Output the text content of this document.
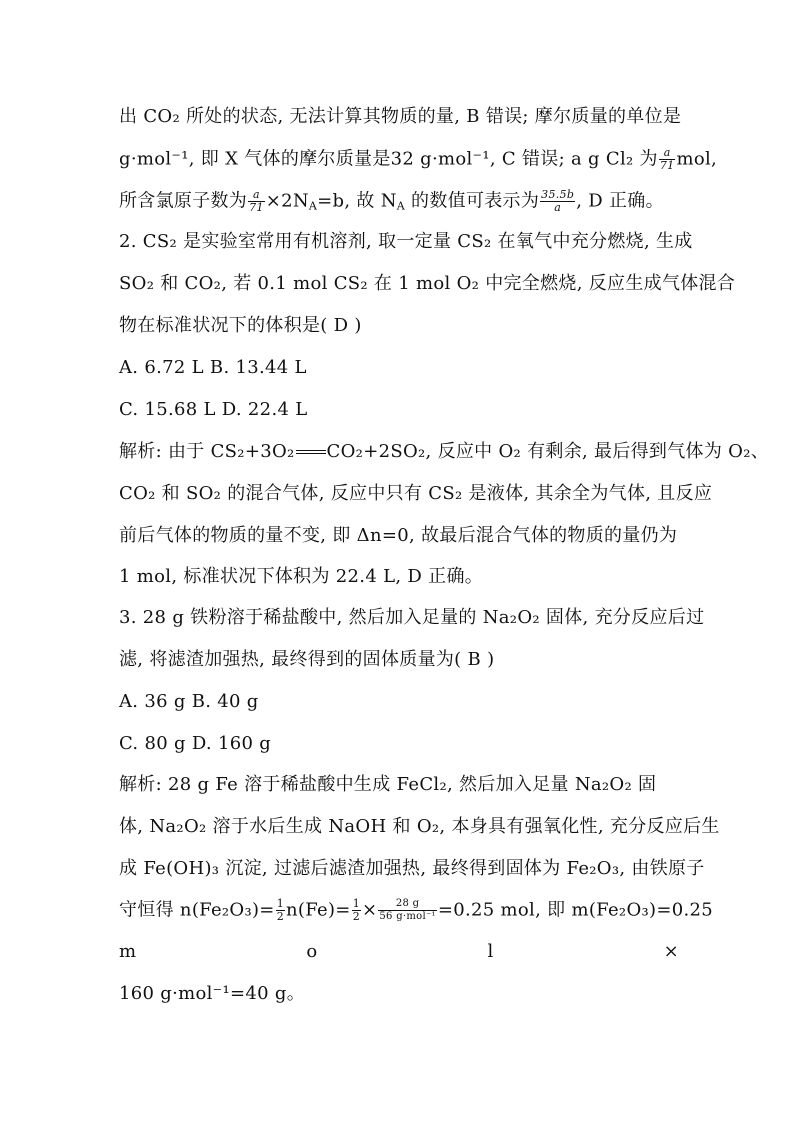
出 CO₂ 所处的状态, 无法计算其物质的量, B 错误; 摩尔质量的单位是
g·mol⁻¹, 即 X 气体的摩尔质量是32 g·mol⁻¹, C 错误; a g Cl₂ 为 $\frac{a}{71}$ mol,
所含氯原子数为 $\frac{a}{71} \times 2N_A=b$, 故 $N_A$ 的数值可表示为 $\frac{35.5b}{a}$ , D 正确。
2. CS₂ 是实验室常用有机溶剂, 取一定量 CS₂ 在氧气中充分燃烧, 生成
SO₂ 和 CO₂, 若 0.1 mol CS₂ 在 1 mol O₂ 中完全燃烧, 反应生成气体混合
物在标准状况下的体积是( D )
A. 6.72 L B. 13.44 L
C. 15.68 L D. 22.4 L
解析: 由于 CS₂+3O₂ CO₂+2SO₂, 反应中 O₂ 有剩余, 最后得到气体为 O₂、
CO₂ 和 SO₂ 的混合气体, 反应中只有 CS₂ 是液体, 其余全为气体, 且反应
前后气体的物质的量不变, 即 Δn=0, 故最后混合气体的物质的量仍为
1 mol, 标准状况下体积为 22.4 L, D 正确。
3. 28 g 铁粉溶于稀盐酸中, 然后加入足量的 Na₂O₂ 固体, 充分反应后过
滤, 将滤渣加强热, 最终得到的固体质量为( B )
A. 36 g B. 40 g
C. 80 g D. 160 g
解析: 28 g Fe 溶于稀盐酸中生成 FeCl₂, 然后加入足量 Na₂O₂ 固
体, Na₂O₂ 溶于水后生成 NaOH 和 O₂, 本身具有强氧化性, 充分反应后生
成 Fe(OH)₃ 沉淀, 过滤后滤渣加强热, 最终得到固体为 Fe₂O₃, 由铁原子
守恒得 $n(Fe_2O_3)= \frac{1}{2} n(Fe)= \frac{1}{2} \times \frac{28 g}{\text{56 g·mol⁻¹}} =0.25$ mol, 即 m(Fe₂O₃)=0.25
m	o	l	×
160 g·mol⁻¹=40 g。
